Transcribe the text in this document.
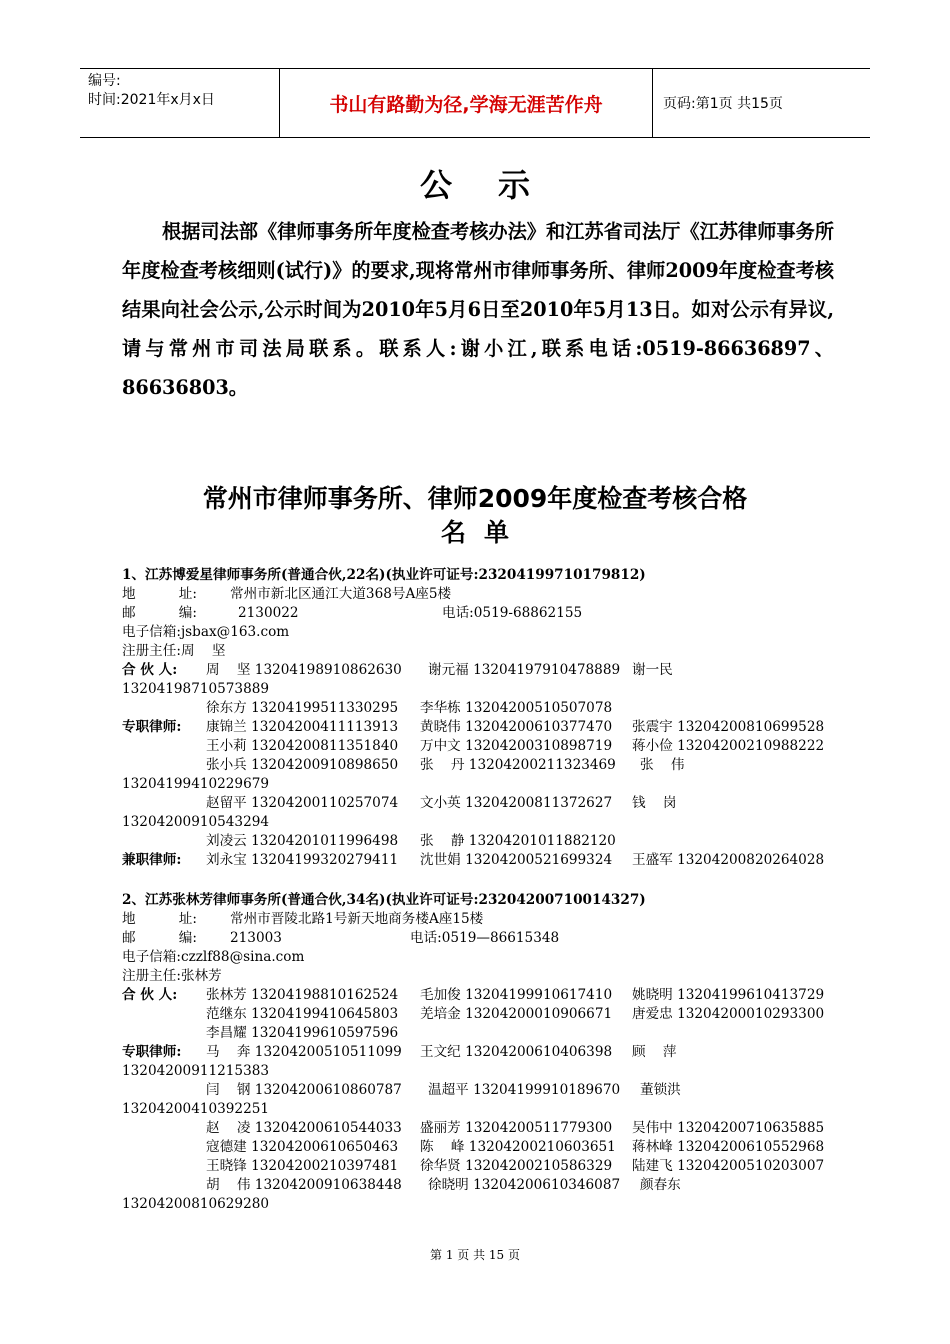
编号:
时间:2021年x月x日	书山有路勤为径,学海无涯苦作舟	页码:第1页 共15页
公示

根据司法部《律师事务所年度检查考核办法》和江苏省司法厅《江苏律师事务所年度检查考核细则(试行)》的要求,现将常州市律师事务所、律师2009年度检查考核结果向社会公示,公示时间为2010年5月6日至2010年5月13日。如对公示有异议,请与常州市司法局联系。联系人:谢小江,联系电话:0519-86636897、86636803。

常州市律师事务所、律师2009年度检查考核合格
名单
1、江苏博爱星律师事务所(普通合伙,22名)(执业许可证号:23204199710179812)
地          址: 常州市新北区通江大道368号A座5楼
邮          编:	2130022	电话:0519-68862155
电子信箱:jsbax@163.com
注册主任:周    坚
合 伙 人: 周    坚 13204198910862630 谢元福 13204197910478889 谢一民
13204198710573889
徐东方 13204199511330295 李华栋 13204200510507078
专职律师: 康锦兰 13204200411113913 黄晓伟 13204200610377470 张震宇 13204200810699528
王小莉 13204200811351840 万中文 13204200310898719 蒋小俭 13204200210988222
张小兵 13204200910898650 张    丹 13204200211323469 张    伟
13204199410229679
赵留平 13204200110257074 文小英 13204200811372627 钱    岗
13204200910543294
刘凌云 13204201011996498 张    静 13204201011882120
兼职律师: 刘永宝 13204199320279411 沈世娟 13204200521699324 王盛军 13204200820264028
2、江苏张林芳律师事务所(普通合伙,34名)(执业许可证号:23204200710014327)
地          址: 常州市晋陵北路1号新天地商务楼A座15楼
邮          编: 213003	电话:0519—86615348
电子信箱:czzlf88@sina.com
注册主任:张林芳
合 伙 人: 张林芳 13204198810162524 毛加俊 13204199910617410 姚晓明 13204199610413729
范继东 13204199410645803 羌培金 13204200010906671 唐爱忠 13204200010293300
李昌耀 13204199610597596
专职律师: 马    奔 13204200510511099 王文纪 13204200610406398 顾    萍
13204200911215383
闫    钢 13204200610860787 温超平 13204199910189670 董锁洪
13204200410392251
赵    凌 13204200610544033 盛丽芳 13204200511779300 吴伟中 13204200710635885
寇德建 13204200610650463 陈    峰 13204200210603651 蒋林峰 13204200610552968
王晓锋 13204200210397481 徐华贤 13204200210586329 陆建飞 13204200510203007
胡    伟 13204200910638448 徐晓明 13204200610346087 颜春东
13204200810629280
第 1 页 共 15 页
